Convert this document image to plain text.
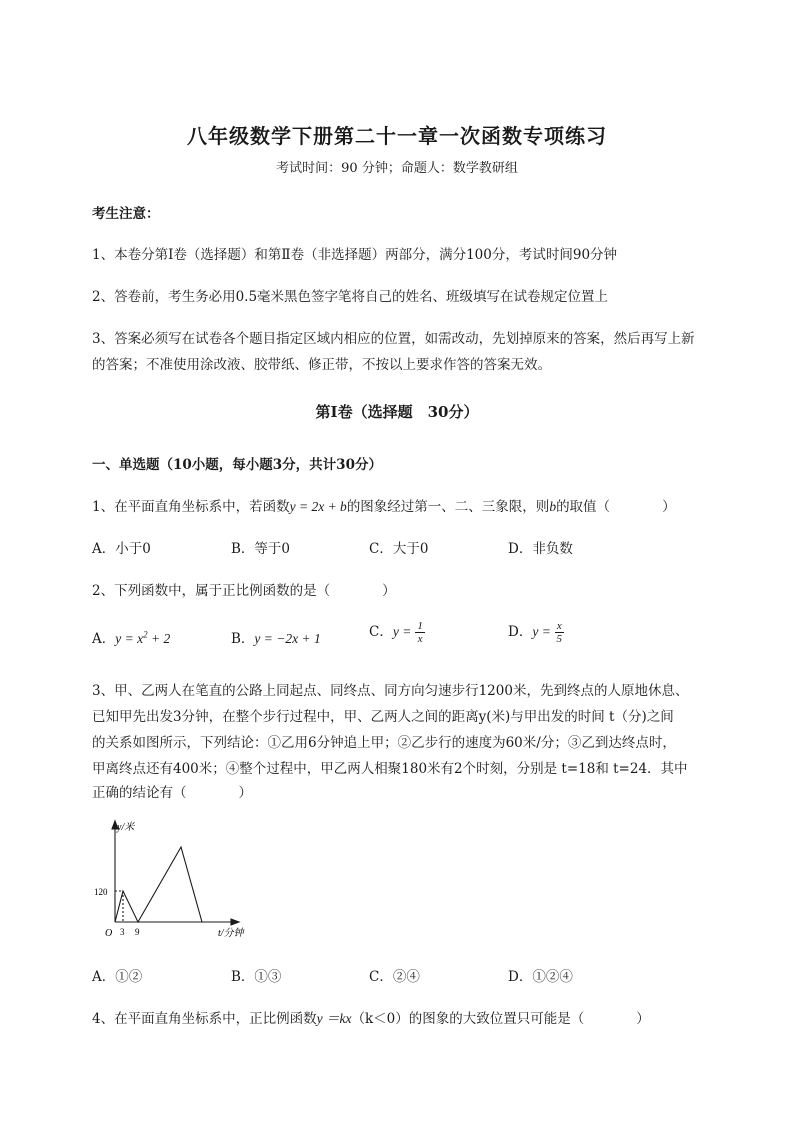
八年级数学下册第二十一章一次函数专项练习
考试时间：90 分钟；命题人：数学教研组
考生注意：
1、本卷分第Ⅰ卷（选择题）和第Ⅱ卷（非选择题）两部分，满分100分，考试时间90分钟
2、答卷前，考生务必用0.5毫米黑色签字笔将自己的姓名、班级填写在试卷规定位置上
3、答案必须写在试卷各个题目指定区域内相应的位置，如需改动，先划掉原来的答案，然后再写上新
的答案；不准使用涂改液、胶带纸、修正带，不按以上要求作答的答案无效。
第Ⅰ卷（选择题　30分）
一、单选题（10小题，每小题3分，共计30分）
1、在平面直角坐标系中，若函数y = 2x + b的图象经过第一、二、三象限，则b的取值（	）
A．小于0	B．等于0	C．大于0	D．非负数
2、下列函数中，属于正比例函数的是（	）
A．$y = x^2 + 2$	B．y = −2x + 1	C．$y = \frac{1}{x}$	D．$y = \frac{x}{5}$
3、甲、乙两人在笔直的公路上同起点、同终点、同方向匀速步行1200米，先到终点的人原地休息、
已知甲先出发3分钟，在整个步行过程中，甲、乙两人之间的距离y(米)与甲出发的时间 t（分)之间
的关系如图所示，下列结论：①乙用6分钟追上甲；②乙步行的速度为60米/分；③乙到达终点时，
甲离终点还有400米；④整个过程中，甲乙两人相聚180米有2个时刻，分别是 t=18和 t=24．其中
正确的结论有（	）
y/米
t/分钟
O
120
3 9
A．①②	B．①③	C．②④	D．①②④
4、在平面直角坐标系中，正比例函数y ＝kx（k＜0）的图象的大致位置只可能是（	）
